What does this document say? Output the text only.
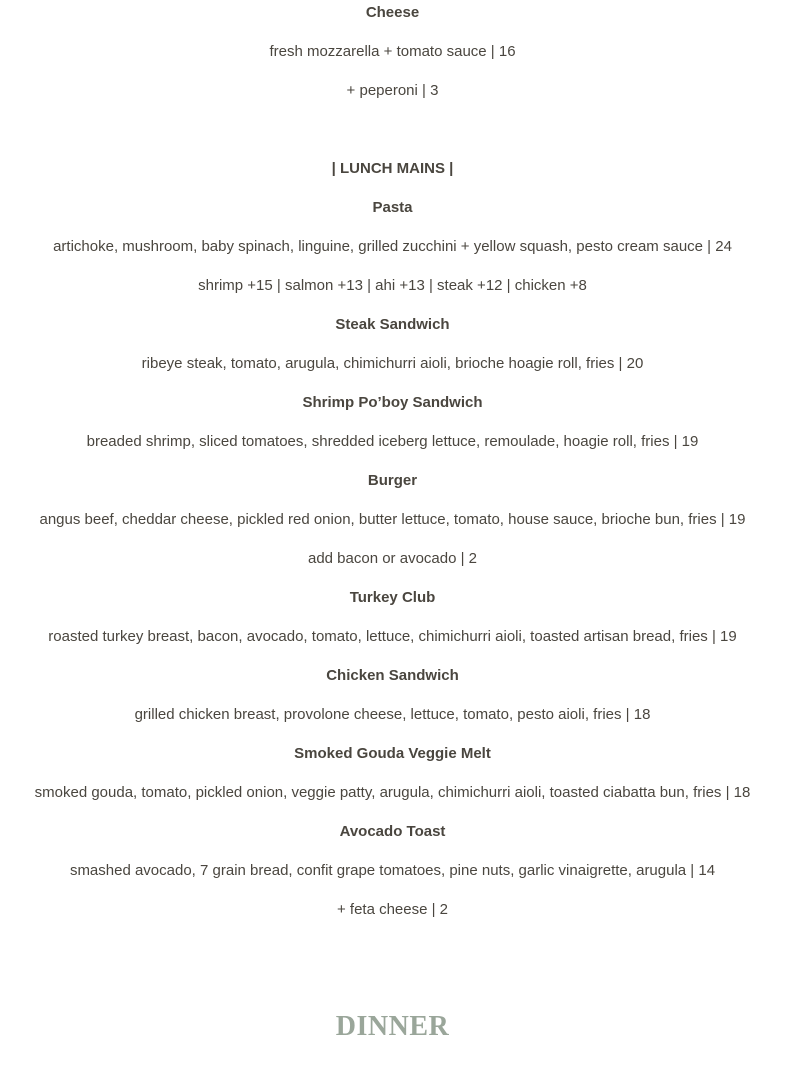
Cheese
fresh mozzarella + tomato sauce | 16
+ peperoni | 3
| LUNCH MAINS |
Pasta
artichoke, mushroom, baby spinach, linguine, grilled zucchini + yellow squash, pesto cream sauce | 24
shrimp +15 | salmon +13 | ahi +13 | steak +12 | chicken +8
Steak Sandwich
ribeye steak, tomato, arugula, chimichurri aioli, brioche hoagie roll, fries | 20
Shrimp Po’boy Sandwich
breaded shrimp, sliced tomatoes, shredded iceberg lettuce, remoulade, hoagie roll, fries | 19
Burger
angus beef, cheddar cheese, pickled red onion, butter lettuce, tomato, house sauce, brioche bun, fries | 19
add bacon or avocado | 2
Turkey Club
roasted turkey breast, bacon, avocado, tomato, lettuce, chimichurri aioli, toasted artisan bread, fries | 19
Chicken Sandwich
grilled chicken breast, provolone cheese, lettuce, tomato, pesto aioli, fries | 18
Smoked Gouda Veggie Melt
smoked gouda, tomato, pickled onion, veggie patty, arugula, chimichurri aioli, toasted ciabatta bun, fries | 18
Avocado Toast
smashed avocado, 7 grain bread, confit grape tomatoes, pine nuts, garlic vinaigrette, arugula | 14
+ feta cheese | 2
DINNER
